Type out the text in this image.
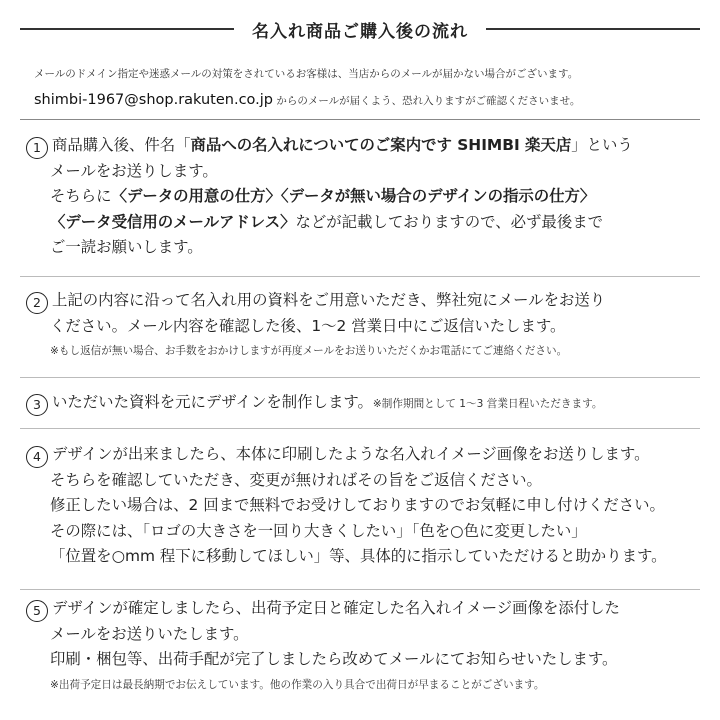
名入れ商品ご購入後の流れ
メールのドメイン指定や迷惑メールの対策をされているお客様は、当店からのメールが届かない場合がございます。
shimbi-1967@shop.rakuten.co.jp からのメールが届くよう、恐れ入りますがご確認くださいませ。
1 商品購入後、件名「 商品への名入れについてのご案内です SHIMBI 楽天店 」という
メールをお送りします。
そちらに 〈データの用意の仕方〉〈データが無い場合のデザインの指示の仕方〉
〈データ受信用のメールアドレス〉 などが記載しておりますので、必ず最後まで
ご一読お願いします。
2 上記の内容に沿って名入れ用の資料をご用意いただき、弊社宛にメールをお送り
ください。メール内容を確認した後、1～2 営業日中にご返信いたします。
※もし返信が無い場合、お手数をおかけしますが再度メールをお送りいただくかお電話にてご連絡ください。
3 いただいた資料を元にデザインを制作します。 ※制作期間として 1～3 営業日程いただきます。
4 デザインが出来ましたら、本体に印刷したような名入れイメージ画像をお送りします。
そちらを確認していただき、変更が無ければその旨をご返信ください。
修正したい場合は、2 回まで無料でお受けしておりますのでお気軽に申し付けください。
その際には、「ロゴの大きさを一回り大きくしたい」「色を○色に変更したい」
「位置を○mm 程下に移動してほしい」等、具体的に指示していただけると助かります。
5 デザインが確定しましたら、出荷予定日と確定した名入れイメージ画像を添付した
メールをお送りいたします。
印刷・梱包等、出荷手配が完了しましたら改めてメールにてお知らせいたします。
※出荷予定日は最長納期でお伝えしています。他の作業の入り具合で出荷日が早まることがございます。
